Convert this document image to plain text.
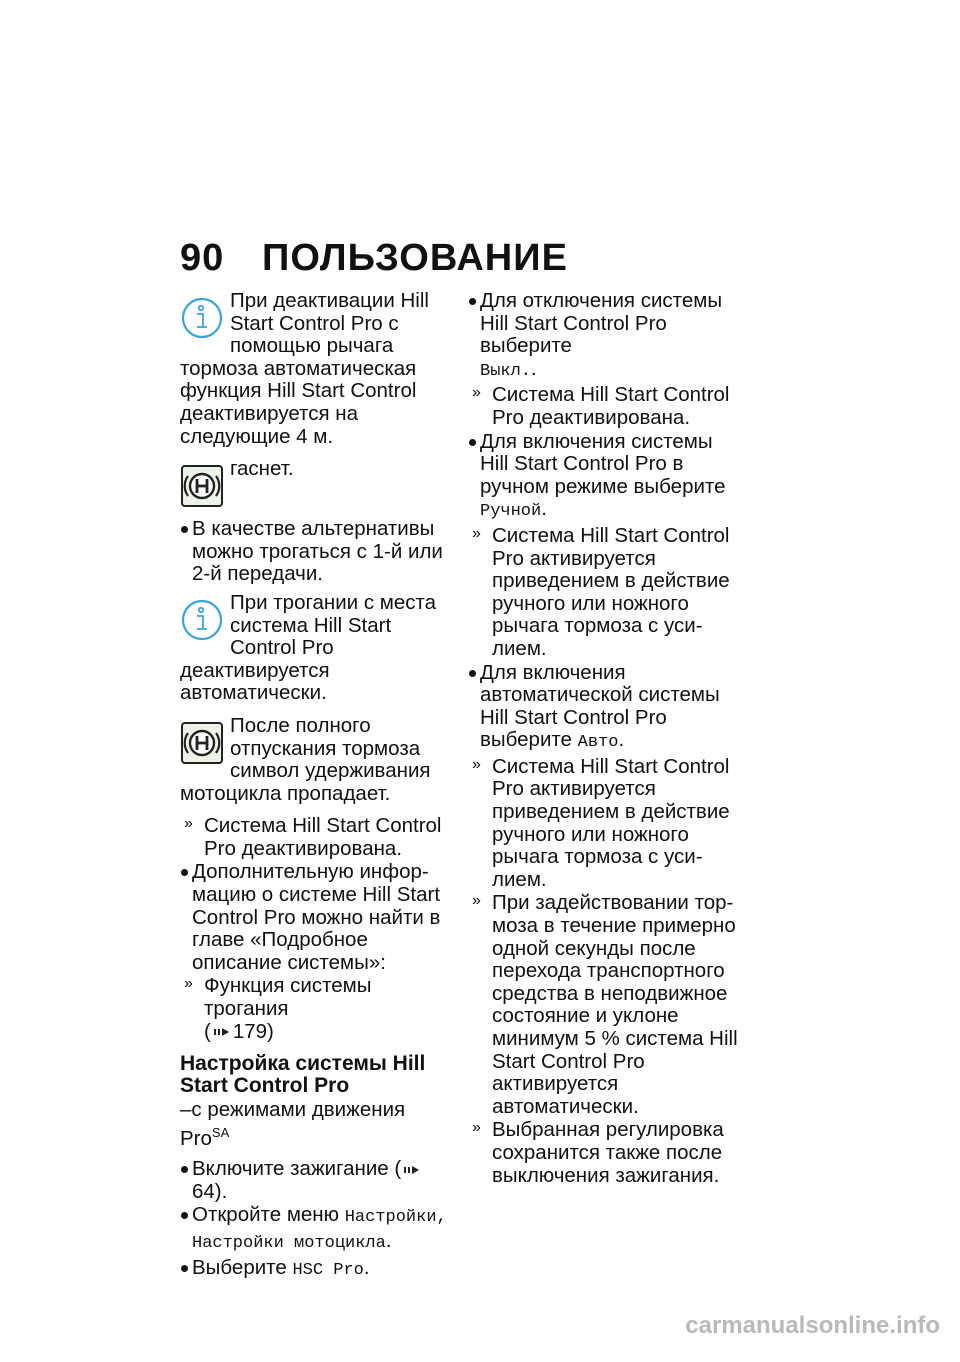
90 ПОЛЬЗОВАНИЕ

При деактивации Hill Start Control Pro с помощью рычага тормоза автоматическая функция Hill Start Control деактивируется на следующие 4 м.

гаснет.

В качестве альтернативы можно трогаться с 1-й или 2-й передачи.

При трогании с места система Hill Start Control Pro деактивируется автоматически.

После полного отпускания тормоза символ удерживания мотоцикла пропадает.

» Система Hill Start Control Pro деактивирована.

Дополнительную информацию о системе Hill Start Control Pro можно найти в главе «Подробное описание системы»:

» Функция системы трогания
( 179)

Настройка системы Hill Start Control Pro
–с режимами движения Pro$^{SA}$

Включите зажигание (64).

Откройте меню Настройки,
Настройки мотоцикла.

Выберите HSC Pro.

Для отключения системы Hill Start Control Pro выберите
Выкл..

» Система Hill Start Control Pro деактивирована.

Для включения системы Hill Start Control Pro в ручном режиме выберите Ручной.

» Система Hill Start Control Pro активируется приведением в действие ручного или ножного рычага тормоза с усилием.

Для включения автоматической системы Hill Start Control Pro выберите Авто.

» Система Hill Start Control Pro активируется приведением в действие ручного или ножного рычага тормоза с усилием.

» При задействовании тормоза в течение примерно одной секунды после перехода транспортного средства в неподвижное состояние и уклоне минимум 5 % система Hill Start Control Pro активируется автоматически.

» Выбранная регулировка сохранится также после выключения зажигания.

carmanualsonline.info
